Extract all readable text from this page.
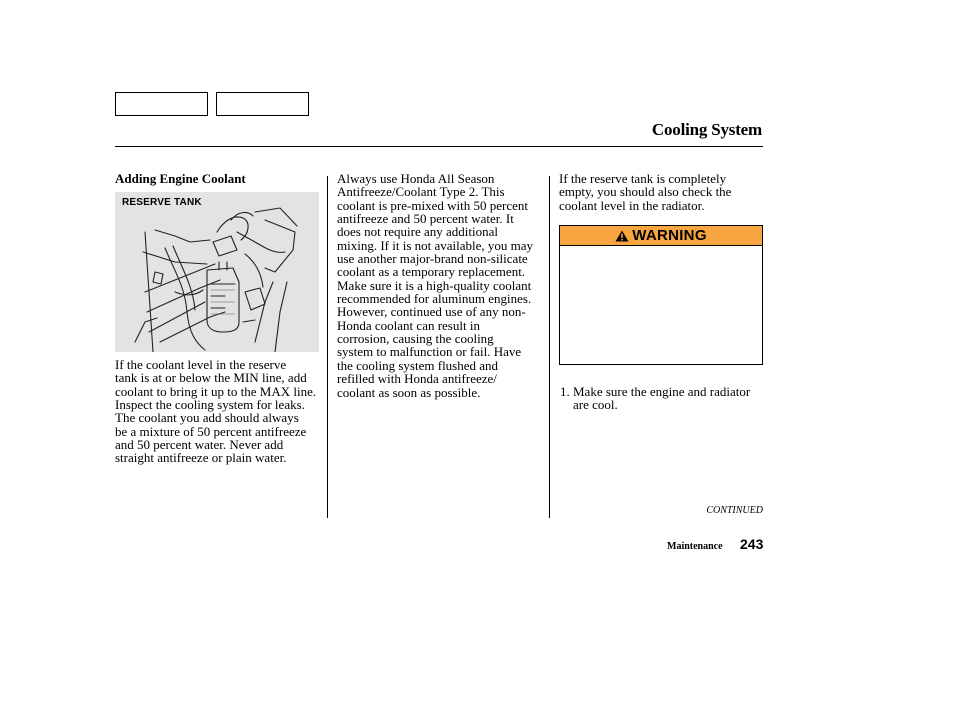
Cooling System
Adding Engine Coolant
RESERVE TANK
If the coolant level in the reserve
tank is at or below the MIN line, add
coolant to bring it up to the MAX line.
Inspect the cooling system for leaks.
The coolant you add should always
be a mixture of 50 percent antifreeze
and 50 percent water. Never add
straight antifreeze or plain water.
Always use Honda All Season
Antifreeze/Coolant Type 2. This
coolant is pre-mixed with 50 percent
antifreeze and 50 percent water. It
does not require any additional
mixing. If it is not available, you may
use another major-brand non-silicate
coolant as a temporary replacement.
Make sure it is a high-quality coolant
recommended for aluminum engines.
However, continued use of any non-
Honda coolant can result in
corrosion, causing the cooling
system to malfunction or fail. Have
the cooling system flushed and
refilled with Honda antifreeze/
coolant as soon as possible.
If the reserve tank is completely
empty, you should also check the
coolant level in the radiator.
WARNING
1. Make sure the engine and radiator
are cool.
CONTINUED
Maintenance 243
